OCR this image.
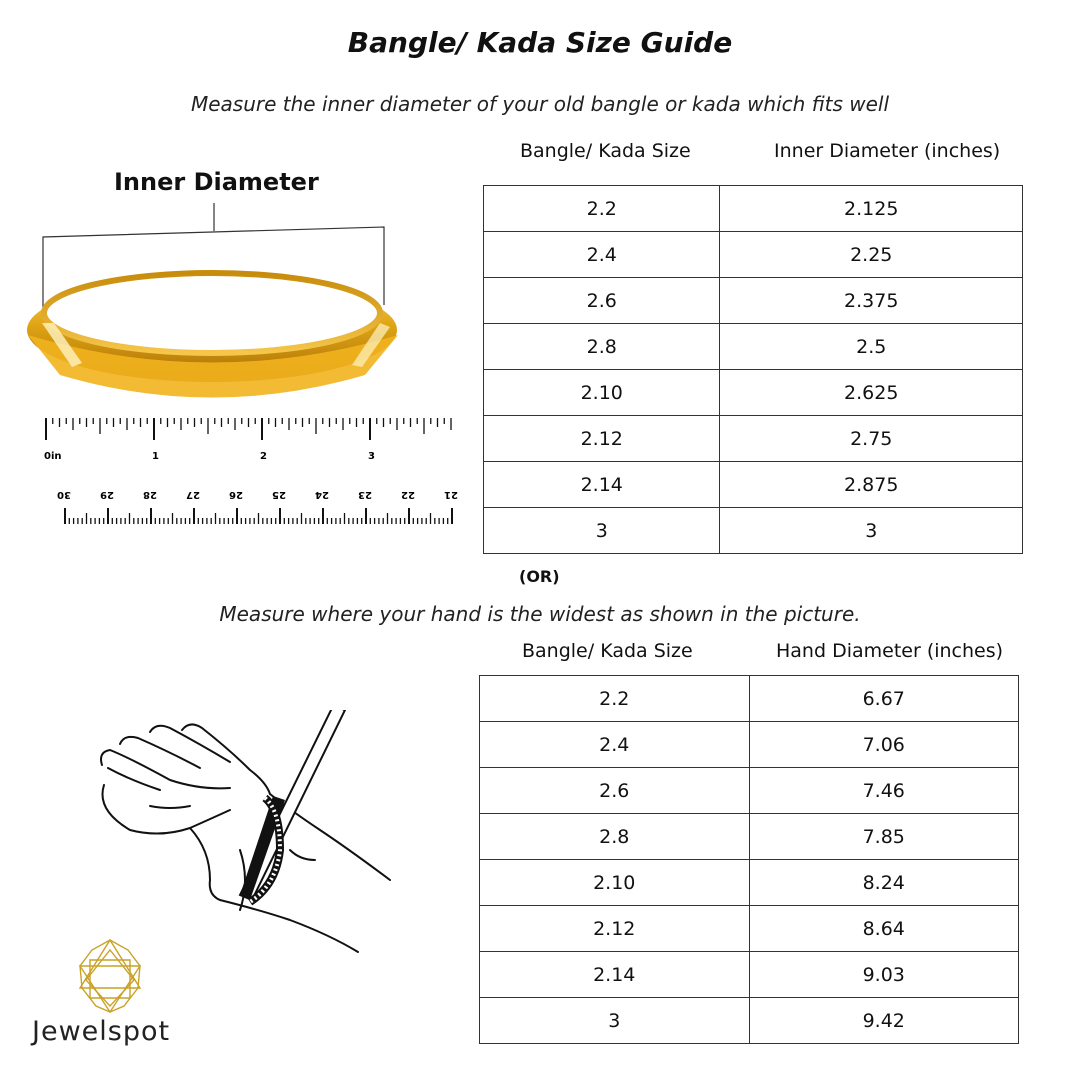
Bangle/ Kada Size Guide
Measure the inner diameter of your old bangle or kada which fits well
Inner Diameter
0in	1	2	3
30	29	28	27	26	25	24	23	22	21
Bangle/ Kada Size	Inner Diameter (inches)
2.2	2.125
2.4	2.25
2.6	2.375
2.8	2.5
2.10	2.625
2.12	2.75
2.14	2.875
3	3
(OR)
Measure where your hand is the widest as shown in the picture.
Bangle/ Kada Size	Hand Diameter (inches)
2.2	6.67
2.4	7.06
2.6	7.46
2.8	7.85
2.10	8.24
2.12	8.64
2.14	9.03
3	9.42
Jewelspot
